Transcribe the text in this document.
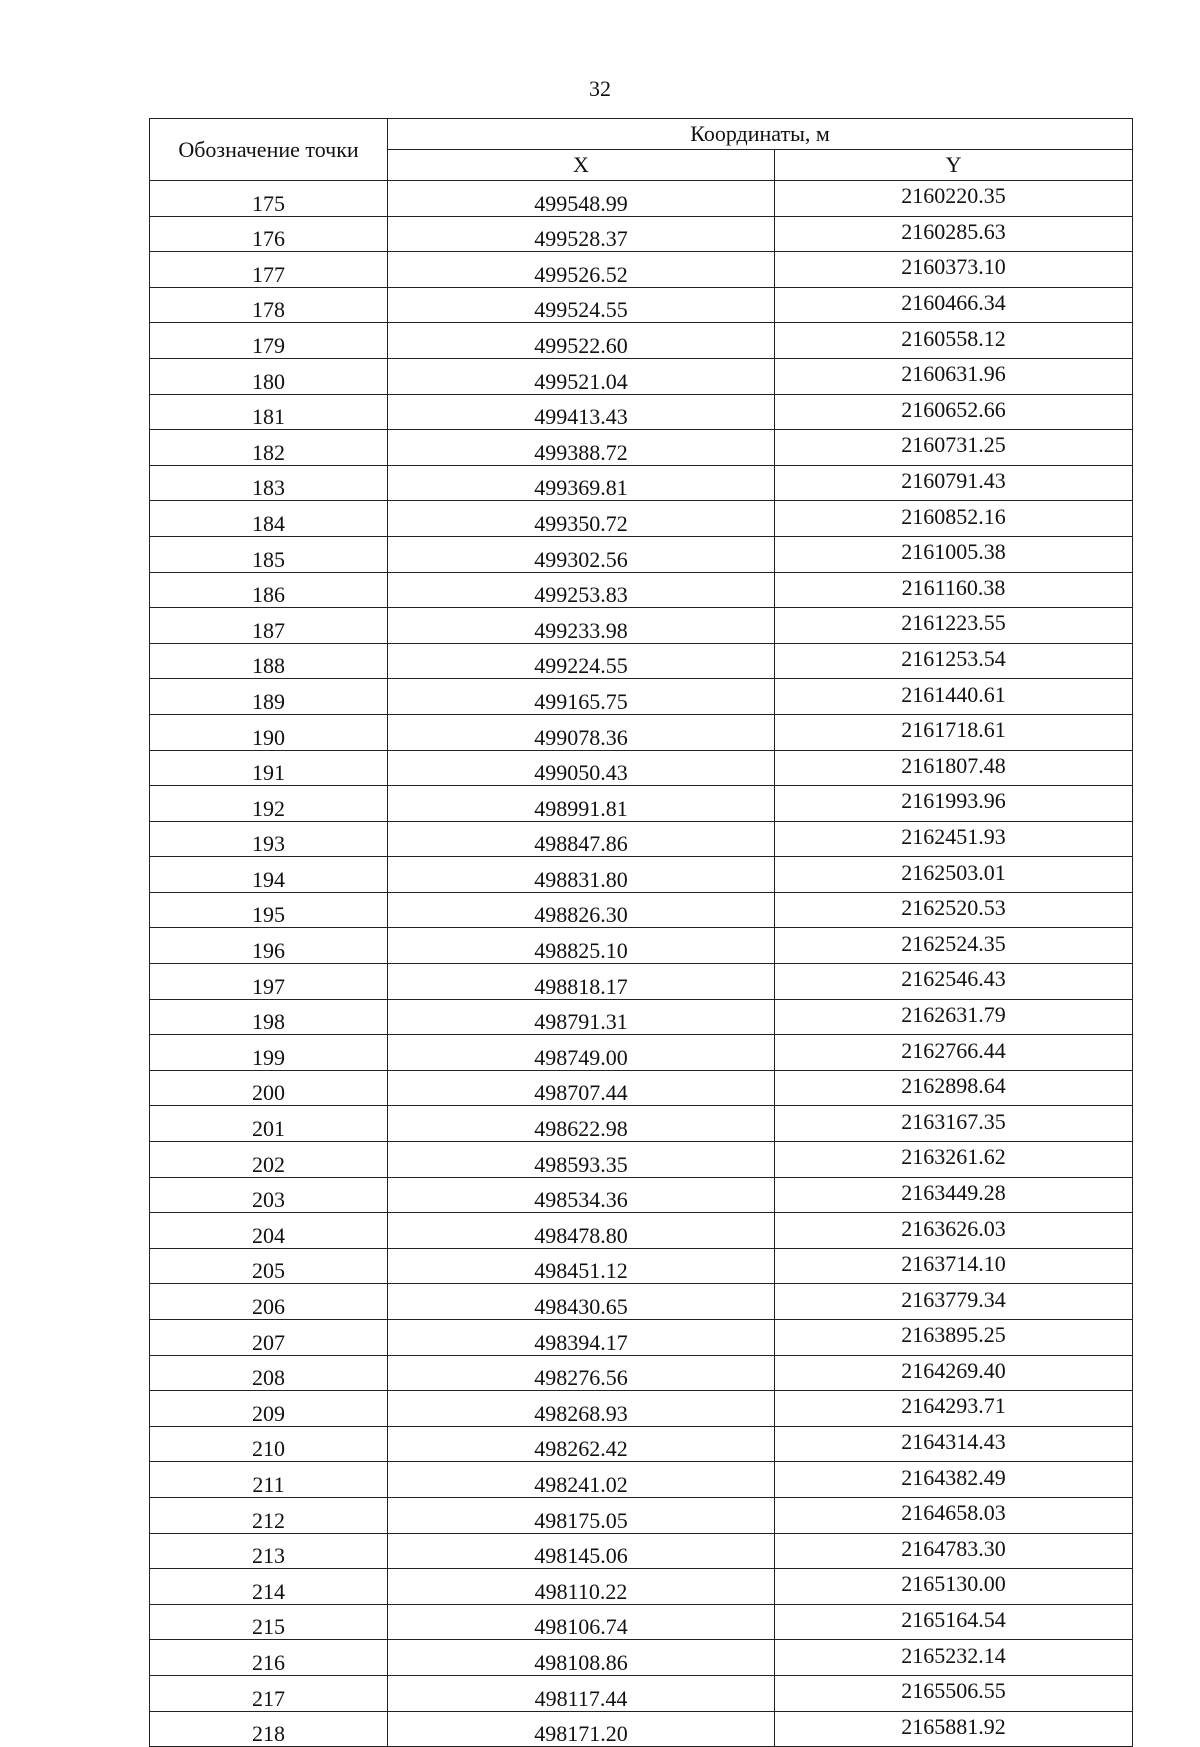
32
Обозначение точки	Координаты, м	
	X	Y
175	499548.99	2160220.35
176	499528.37	2160285.63
177	499526.52	2160373.10
178	499524.55	2160466.34
179	499522.60	2160558.12
180	499521.04	2160631.96
181	499413.43	2160652.66
182	499388.72	2160731.25
183	499369.81	2160791.43
184	499350.72	2160852.16
185	499302.56	2161005.38
186	499253.83	2161160.38
187	499233.98	2161223.55
188	499224.55	2161253.54
189	499165.75	2161440.61
190	499078.36	2161718.61
191	499050.43	2161807.48
192	498991.81	2161993.96
193	498847.86	2162451.93
194	498831.80	2162503.01
195	498826.30	2162520.53
196	498825.10	2162524.35
197	498818.17	2162546.43
198	498791.31	2162631.79
199	498749.00	2162766.44
200	498707.44	2162898.64
201	498622.98	2163167.35
202	498593.35	2163261.62
203	498534.36	2163449.28
204	498478.80	2163626.03
205	498451.12	2163714.10
206	498430.65	2163779.34
207	498394.17	2163895.25
208	498276.56	2164269.40
209	498268.93	2164293.71
210	498262.42	2164314.43
211	498241.02	2164382.49
212	498175.05	2164658.03
213	498145.06	2164783.30
214	498110.22	2165130.00
215	498106.74	2165164.54
216	498108.86	2165232.14
217	498117.44	2165506.55
218	498171.20	2165881.92
